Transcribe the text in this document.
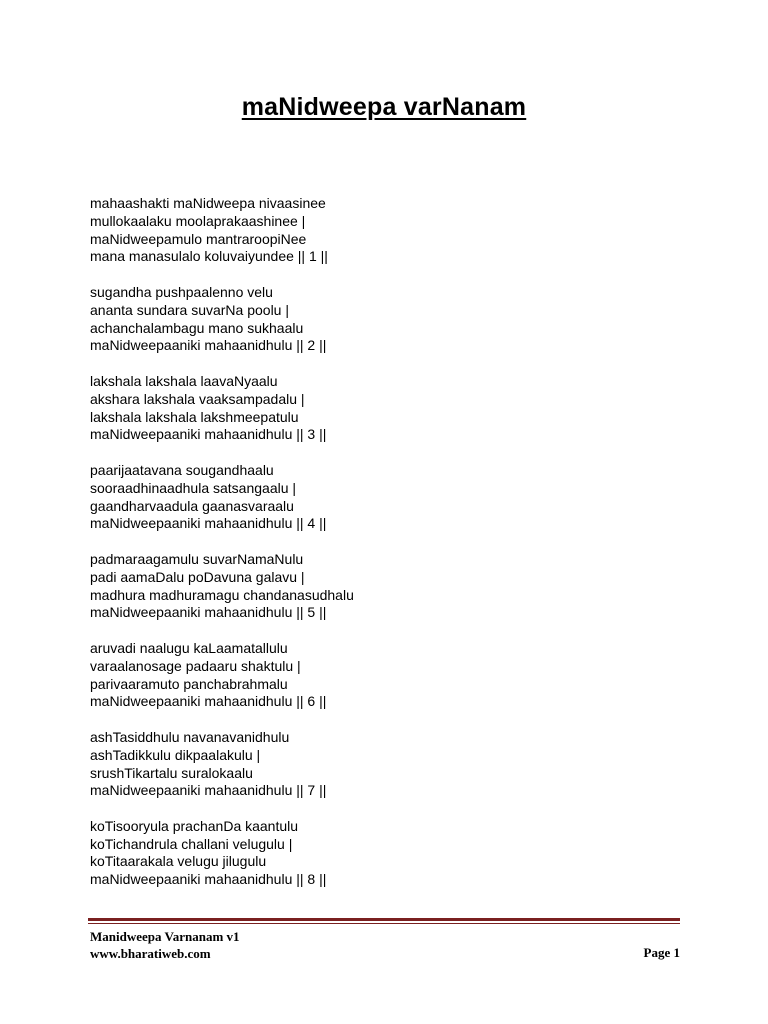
maNidweepa varNanam
mahaashakti maNidweepa nivaasinee
mullokaalaku moolaprakaashinee |
maNidweepamulo mantraroopiNee
mana manasulalo koluvaiyundee || 1 ||
sugandha pushpaalenno velu
ananta sundara suvarNa poolu |
achanchalambagu mano sukhaalu
maNidweepaaniki mahaanidhulu || 2 ||
lakshala lakshala laavaNyaalu
akshara lakshala vaaksampadalu |
lakshala lakshala lakshmeepatulu
maNidweepaaniki mahaanidhulu || 3 ||
paarijaatavana sougandhaalu
sooraadhinaadhula satsangaalu |
gaandharvaadula gaanasvaraalu
maNidweepaaniki mahaanidhulu || 4 ||
padmaraagamulu suvarNamaNulu
padi aamaDalu poDavuna galavu |
madhura madhuramagu chandanasudhalu
maNidweepaaniki mahaanidhulu || 5 ||
aruvadi naalugu kaLaamatallulu
varaalanosage padaaru shaktulu |
parivaaramuto panchabrahmalu
maNidweepaaniki mahaanidhulu || 6 ||
ashTasiddhulu navanavanidhulu
ashTadikkulu dikpaalakulu |
srushTikartalu suralokaalu
maNidweepaaniki mahaanidhulu || 7 ||
koTisooryula prachanDa kaantulu
koTichandrula challani velugulu |
koTitaarakala velugu jilugulu
maNidweepaaniki mahaanidhulu || 8 ||
Manidweepa Varnanam v1
www.bharatiweb.com	Page 1
